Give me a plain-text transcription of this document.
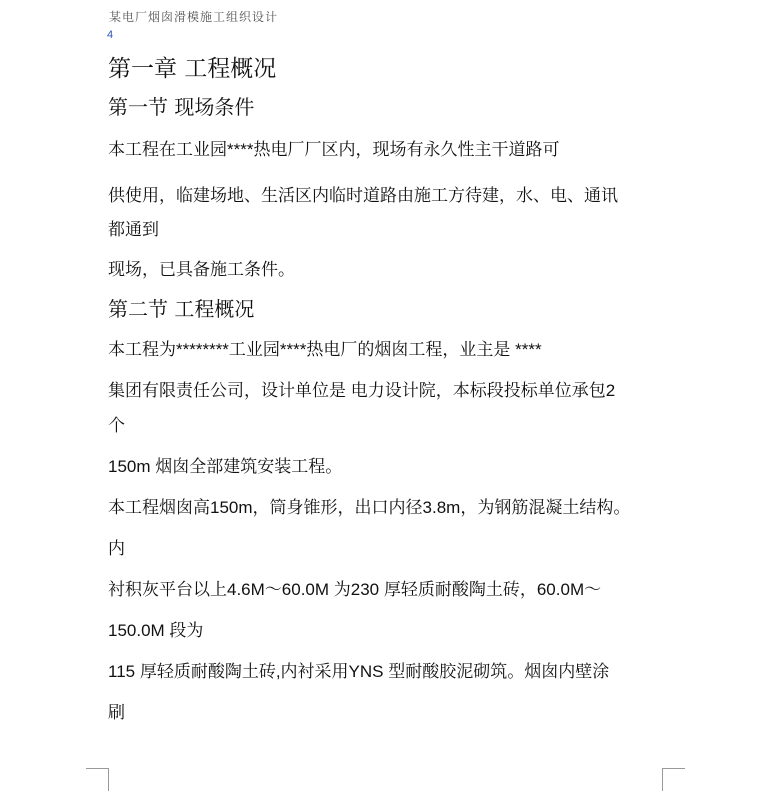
某电厂烟囱滑模施工组织设计
4
第一章 工程概况
第一节 现场条件
本工程在工业园****热电厂厂区内，现场有永久性主干道路可
供使用，临建场地、生活区内临时道路由施工方待建，水、电、通讯
都通到
现场，已具备施工条件。
第二节 工程概况
本工程为********工业园****热电厂的烟囱工程，业主是 ****
集团有限责任公司，设计单位是 电力设计院，本标段投标单位承包2
个
150m 烟囱全部建筑安装工程。
本工程烟囱高150m，筒身锥形，出口内径3.8m，为钢筋混凝土结构。
内
衬积灰平台以上4.6M～60.0M 为230 厚轻质耐酸陶土砖，60.0M～
150.0M 段为
115 厚轻质耐酸陶土砖,内衬采用YNS 型耐酸胶泥砌筑。烟囱内壁涂
刷
